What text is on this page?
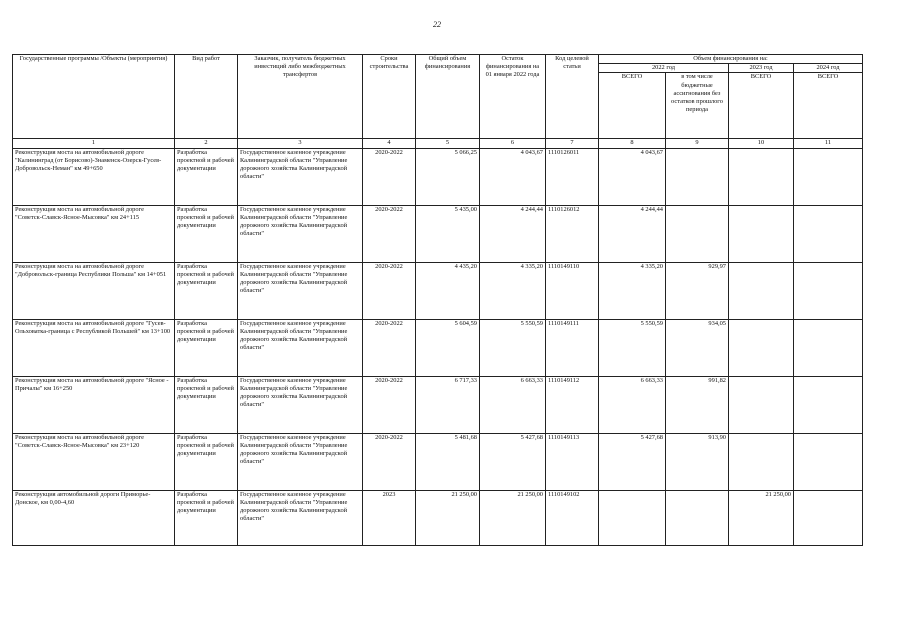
22
Государственные программы /Объекты (мероприятия)	Вид работ	Заказчик, получатель бюджетных инвестиций либо межбюджетных трансфертов	Сроки строительства	Общий объем финансирования	Остаток финансирования на 01 января 2022 года	Код целевой статьи	Объем финансирования на:			
							2022 год		2023 год	2024 год
							ВСЕГО	в том числе бюджетные ассигнования без остатков прошлого периода	ВСЕГО	ВСЕГО
1	2	3	4	5	6	7	8	9	10	11
Реконструкция моста на автомобильной дороге "Калининград (от Борисово)-Знаменск-Озерск-Гусев-Добровольск-Неман" км 49+650	Разработка проектной и рабочей документации	Государственное казенное учреждение Калининградской области "Управление дорожного хозяйства Калининградской области"	2020-2022	5 066,25	4 043,67	1110126011	4 043,67			
Реконструкция моста на автомобильной дороге "Советск-Славск-Ясное-Мысовка" км 24+115	Разработка проектной и рабочей документации	Государственное казенное учреждение Калининградской области "Управление дорожного хозяйства Калининградской области"	2020-2022	5 435,00	4 244,44	1110126012	4 244,44			
Реконструкция моста на автомобильной дороге "Добровольск-граница Республики Польша" км 14+051	Разработка проектной и рабочей документации	Государственное казенное учреждение Калининградской области "Управление дорожного хозяйства Калининградской области"	2020-2022	4 435,20	4 335,20	1110149110	4 335,20	929,97		
Реконструкция моста на автомобильной дороге "Гусев-Ольховатка-граница с Республикой Польшей" км 13+100	Разработка проектной и рабочей документации	Государственное казенное учреждение Калининградской области "Управление дорожного хозяйства Калининградской области"	2020-2022	5 604,59	5 550,59	1110149111	5 550,59	934,05		
Реконструкция моста на автомобильной дороге "Ясное - Причалы" км 16+250	Разработка проектной и рабочей документации	Государственное казенное учреждение Калининградской области "Управление дорожного хозяйства Калининградской области"	2020-2022	6 717,33	6 663,33	1110149112	6 663,33	991,82		
Реконструкция моста на автомобильной дороге "Советск-Славск-Ясное-Мысовка" км 23+120	Разработка проектной и рабочей документации	Государственное казенное учреждение Калининградской области "Управление дорожного хозяйства Калининградской области"	2020-2022	5 481,68	5 427,68	1110149113	5 427,68	913,90		
Реконструкция автомобильной дороги Приморье-Донское, км 0,00-4,60	Разработка проектной и рабочей документации	Государственное казенное учреждение Калининградской области "Управление дорожного хозяйства Калининградской области"	2023	21 250,00	21 250,00	1110149102			21 250,00	
